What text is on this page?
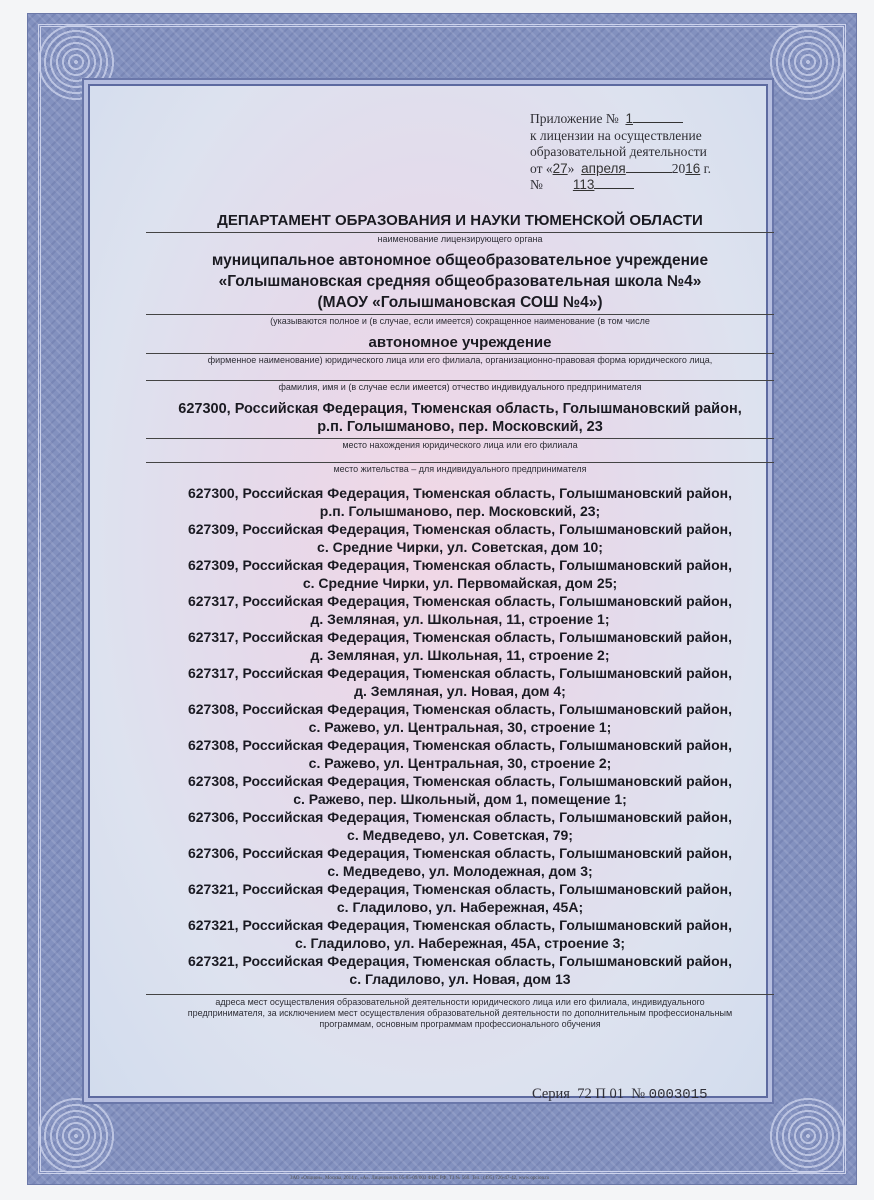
Приложение № 1
к лицензии на осуществление
образовательной деятельности
от «27» апреля	2016 г.
№ 113
ДЕПАРТАМЕНТ ОБРАЗОВАНИЯ И НАУКИ ТЮМЕНСКОЙ ОБЛАСТИ
наименование лицензирующего органа
муниципальное автономное общеобразовательное учреждение
«Голышмановская средняя общеобразовательная школа №4»
(МАОУ «Голышмановская СОШ №4»)
(указываются полное и (в случае, если имеется) сокращенное наименование (в том числе
автономное учреждение
фирменное наименование) юридического лица или его филиала, организационно-правовая форма юридического лица,
фамилия, имя и (в случае если имеется) отчество индивидуального предпринимателя
627300, Российская Федерация, Тюменская область, Голышмановский район,
р.п. Голышманово, пер. Московский, 23
место нахождения юридического лица или его филиала
место жительства – для индивидуального предпринимателя
627300, Российская Федерация, Тюменская область, Голышмановский район,
р.п. Голышманово, пер. Московский, 23;
627309, Российская Федерация, Тюменская область, Голышмановский район,
с. Средние Чирки, ул. Советская, дом 10;
627309, Российская Федерация, Тюменская область, Голышмановский район,
с. Средние Чирки, ул. Первомайская, дом 25;
627317, Российская Федерация, Тюменская область, Голышмановский район,
д. Земляная, ул. Школьная, 11, строение 1;
627317, Российская Федерация, Тюменская область, Голышмановский район,
д. Земляная, ул. Школьная, 11, строение 2;
627317, Российская Федерация, Тюменская область, Голышмановский район,
д. Земляная, ул. Новая, дом 4;
627308, Российская Федерация, Тюменская область, Голышмановский район,
с. Ражево, ул. Центральная, 30, строение 1;
627308, Российская Федерация, Тюменская область, Голышмановский район,
с. Ражево, ул. Центральная, 30, строение 2;
627308, Российская Федерация, Тюменская область, Голышмановский район,
с. Ражево, пер. Школьный, дом 1, помещение 1;
627306, Российская Федерация, Тюменская область, Голышмановский район,
с. Медведево, ул. Советская, 79;
627306, Российская Федерация, Тюменская область, Голышмановский район,
с. Медведево, ул. Молодежная, дом 3;
627321, Российская Федерация, Тюменская область, Голышмановский район,
с. Гладилово, ул. Набережная, 45А;
627321, Российская Федерация, Тюменская область, Голышмановский район,
с. Гладилово, ул. Набережная, 45А, строение 3;
627321, Российская Федерация, Тюменская область, Голышмановский район,
с. Гладилово, ул. Новая, дом 13
адреса мест осуществления образовательной деятельности юридического лица или его филиала, индивидуального
предпринимателя, за исключением мест осуществления образовательной деятельности по дополнительным профессиональным
программам, основным программам профессионального обучения
Серия 72 П 01 № 0003015
ЗАО «Опцион», Москва, 2014 г., «А». Лицензия № 05-05-09/003 ФНС РФ, ТЗ № 560. Тел.: (495) 726-47-42, www.opcion.ru
